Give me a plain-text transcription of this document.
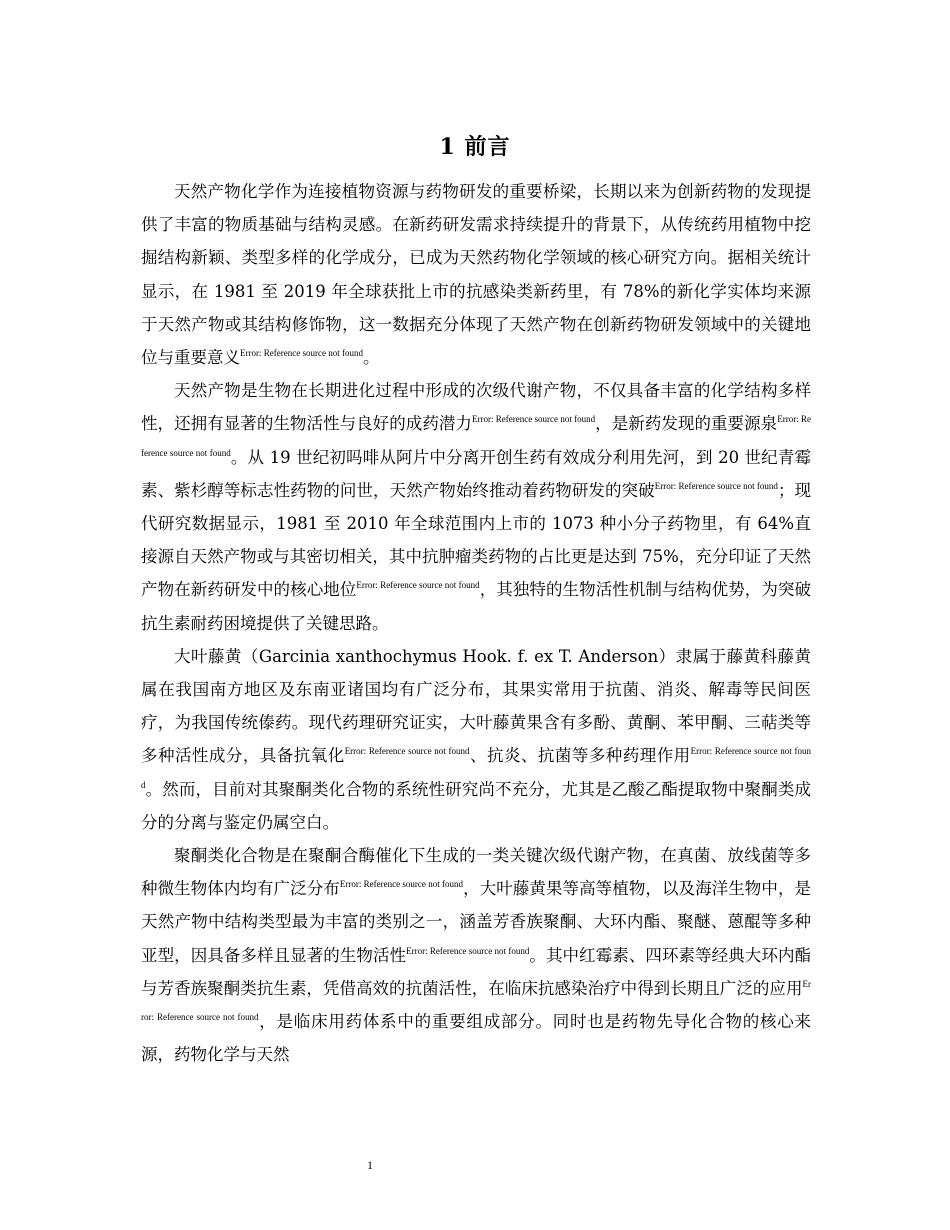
1 前言

天然产物化学作为连接植物资源与药物研发的重要桥梁，长期以来为创新药物的发现提供了丰富的物质基础与结构灵感。在新药研发需求持续提升的背景下，从传统药用植物中挖掘结构新颖、类型多样的化学成分，已成为天然药物化学领域的核心研究方向。据相关统计显示，在 1981 至 2019 年全球获批上市的抗感染类新药里，有 78%的新化学实体均来源于天然产物或其结构修饰物，这一数据充分体现了天然产物在创新药物研发领域中的关键地位与重要意义$^{Error: Reference source not found}$。

天然产物是生物在长期进化过程中形成的次级代谢产物，不仅具备丰富的化学结构多样性，还拥有显著的生物活性与良好的成药潜力$^{Error: Reference source not found}$，是新药发现的重要源泉$^{Error: Reference source not found}$。从 19 世纪初吗啡从阿片中分离开创生药有效成分利用先河，到 20 世纪青霉素、紫杉醇等标志性药物的问世，天然产物始终推动着药物研发的突破$^{Error: Reference source not found}$；现代研究数据显示，1981 至 2010 年全球范围内上市的 1073 种小分子药物里，有 64%直接源自天然产物或与其密切相关，其中抗肿瘤类药物的占比更是达到 75%，充分印证了天然产物在新药研发中的核心地位$^{Error: Reference source not found}$，其独特的生物活性机制与结构优势，为突破抗生素耐药困境提供了关键思路。

大叶藤黄（Garcinia xanthochymus Hook. f. ex T. Anderson）隶属于藤黄科藤黄属在我国南方地区及东南亚诸国均有广泛分布，其果实常用于抗菌、消炎、解毒等民间医疗，为我国传统傣药。现代药理研究证实，大叶藤黄果含有多酚、黄酮、苯甲酮、三萜类等多种活性成分，具备抗氧化$^{Error: Reference source not found}$、抗炎、抗菌等多种药理作用$^{Error: Reference source not found}$。然而，目前对其聚酮类化合物的系统性研究尚不充分，尤其是乙酸乙酯提取物中聚酮类成分的分离与鉴定仍属空白。

聚酮类化合物是在聚酮合酶催化下生成的一类关键次级代谢产物，在真菌、放线菌等多种微生物体内均有广泛分布$^{Error: Reference source not found}$，大叶藤黄果等高等植物，以及海洋生物中，是天然产物中结构类型最为丰富的类别之一，涵盖芳香族聚酮、大环内酯、聚醚、蒽醌等多种亚型，因具备多样且显著的生物活性$^{Error: Reference source not found}$。其中红霉素、四环素等经典大环内酯与芳香族聚酮类抗生素，凭借高效的抗菌活性，在临床抗感染治疗中得到长期且广泛的应用$^{Error: Reference source not found}$，是临床用药体系中的重要组成部分。同时也是药物先导化合物的核心来源，药物化学与天然

1
